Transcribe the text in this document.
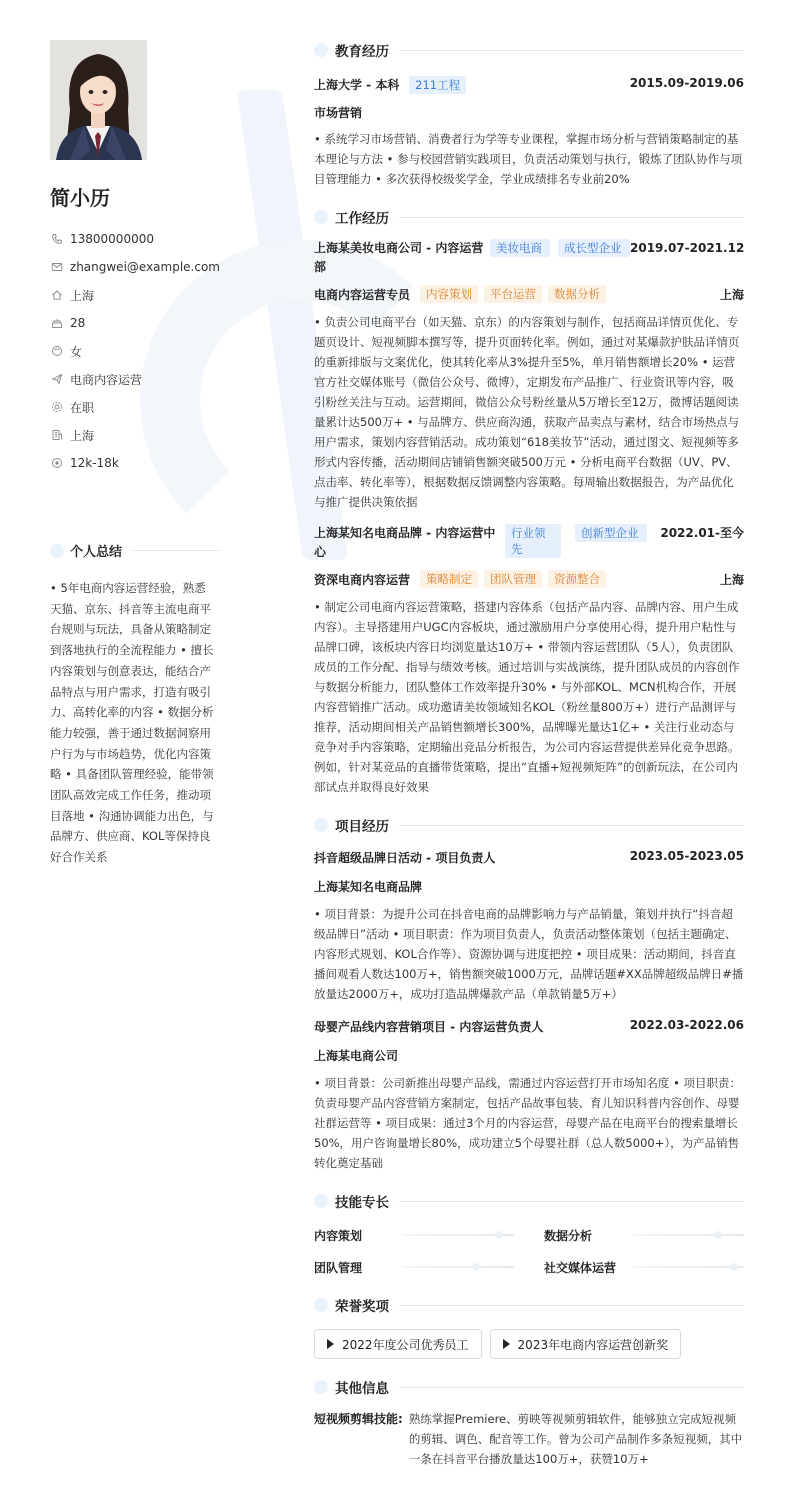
简小历
13800000000
zhangwei@example.com
上海
28
女
电商内容运营
在职
上海
12k-18k
个人总结
• 5年电商内容运营经验，熟悉天猫、京东、抖音等主流电商平台规则与玩法，具备从策略制定到落地执行的全流程能力 • 擅长内容策划与创意表达，能结合产品特点与用户需求，打造有吸引力、高转化率的内容 • 数据分析能力较强，善于通过数据洞察用户行为与市场趋势，优化内容策略 • 具备团队管理经验，能带领团队高效完成工作任务，推动项目落地 • 沟通协调能力出色，与品牌方、供应商、KOL等保持良好合作关系
教育经历
上海大学 - 本科 211工程	2015.09-2019.06
市场营销
• 系统学习市场营销、消费者行为学等专业课程，掌握市场分析与营销策略制定的基本理论与方法 • 参与校园营销实践项目，负责活动策划与执行，锻炼了团队协作与项目管理能力 • 多次获得校级奖学金，学业成绩排名专业前20%
工作经历
上海某美妆电商公司 - 内容运营部
美妆电商	成长型企业 2019.07-2021.12
电商内容运营专员	内容策划	平台运营	数据分析	上海
• 负责公司电商平台（如天猫、京东）的内容策划与制作，包括商品详情页优化、专题页设计、短视频脚本撰写等，提升页面转化率。例如，通过对某爆款护肤品详情页的重新排版与文案优化，使其转化率从3%提升至5%，单月销售额增长20% • 运营官方社交媒体账号（微信公众号、微博），定期发布产品推广、行业资讯等内容，吸引粉丝关注与互动。运营期间，微信公众号粉丝量从5万增长至12万，微博话题阅读量累计达500万+ • 与品牌方、供应商沟通，获取产品卖点与素材，结合市场热点与用户需求，策划内容营销活动。成功策划“618美妆节”活动，通过图文、短视频等多形式内容传播，活动期间店铺销售额突破500万元 • 分析电商平台数据（UV、PV、点击率、转化率等），根据数据反馈调整内容策略。每周输出数据报告，为产品优化与推广提供决策依据
上海某知名电商品牌 - 内容运营中心
行业领先
创新型企业	2022.01-至今
资深电商内容运营	策略制定	团队管理	资源整合	上海
• 制定公司电商内容运营策略，搭建内容体系（包括产品内容、品牌内容、用户生成内容）。主导搭建用户UGC内容板块，通过激励用户分享使用心得，提升用户粘性与品牌口碑，该板块内容日均浏览量达10万+ • 带领内容运营团队（5人），负责团队成员的工作分配、指导与绩效考核。通过培训与实战演练，提升团队成员的内容创作与数据分析能力，团队整体工作效率提升30% • 与外部KOL、MCN机构合作，开展内容营销推广活动。成功邀请美妆领域知名KOL（粉丝量800万+）进行产品测评与推荐，活动期间相关产品销售额增长300%，品牌曝光量达1亿+ • 关注行业动态与竞争对手内容策略，定期输出竞品分析报告，为公司内容运营提供差异化竞争思路。例如，针对某竞品的直播带货策略，提出“直播+短视频矩阵”的创新玩法，在公司内部试点并取得良好效果
项目经历
抖音超级品牌日活动 - 项目负责人	2023.05-2023.05
上海某知名电商品牌
• 项目背景：为提升公司在抖音电商的品牌影响力与产品销量，策划并执行“抖音超级品牌日”活动 • 项目职责：作为项目负责人，负责活动整体策划（包括主题确定、内容形式规划、KOL合作等）、资源协调与进度把控 • 项目成果：活动期间，抖音直播间观看人数达100万+，销售额突破1000万元，品牌话题#XX品牌超级品牌日#播放量达2000万+，成功打造品牌爆款产品（单款销量5万+）
母婴产品线内容营销项目 - 内容运营负责人	2022.03-2022.06
上海某电商公司
• 项目背景：公司新推出母婴产品线，需通过内容运营打开市场知名度 • 项目职责：负责母婴产品内容营销方案制定，包括产品故事包装、育儿知识科普内容创作、母婴社群运营等 • 项目成果：通过3个月的内容运营，母婴产品在电商平台的搜索量增长50%，用户咨询量增长80%，成功建立5个母婴社群（总人数5000+），为产品销售转化奠定基础
技能专长
内容策划	数据分析
团队管理	社交媒体运营
荣誉奖项
2022年度公司优秀员工	2023年电商内容运营创新奖
其他信息
短视频剪辑技能: 熟练掌握Premiere、剪映等视频剪辑软件，能够独立完成短视频的剪辑、调色、配音等工作。曾为公司产品制作多条短视频，其中一条在抖音平台播放量达100万+，获赞10万+
